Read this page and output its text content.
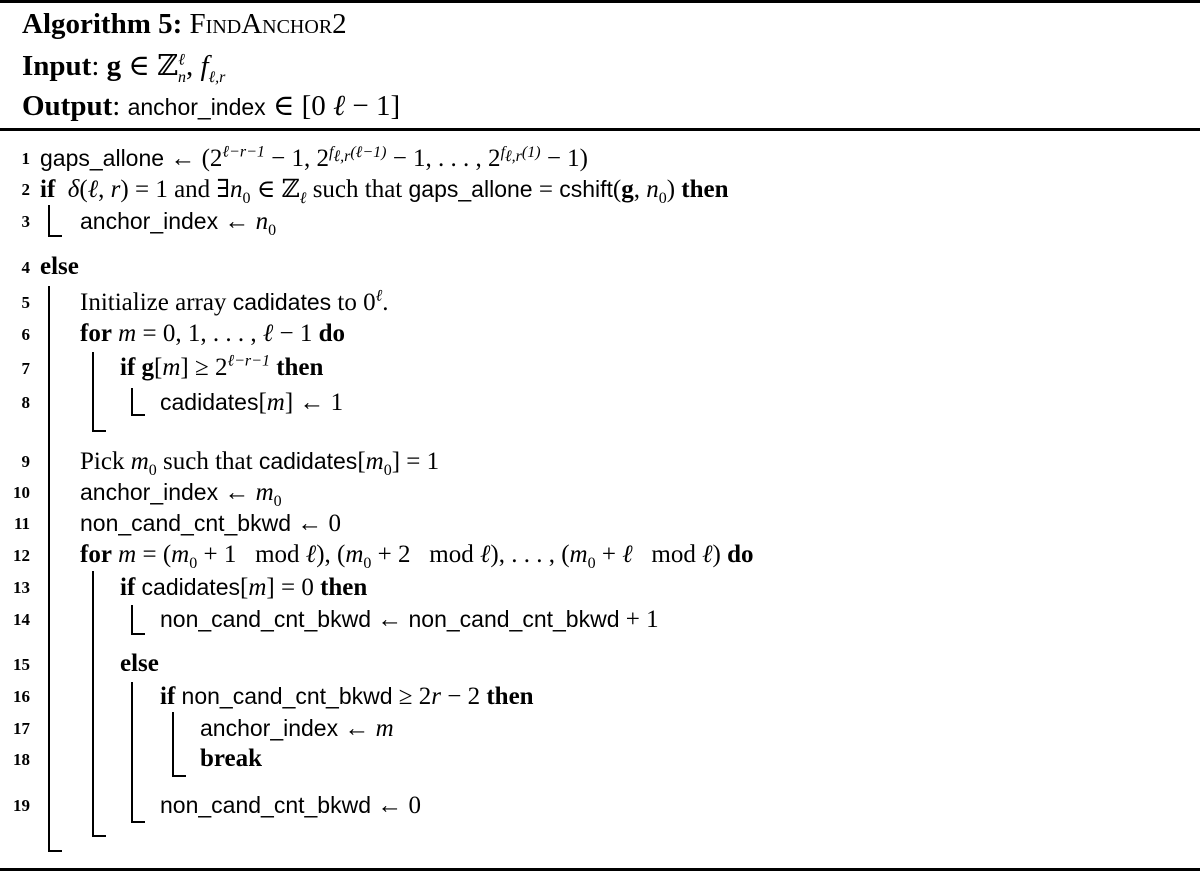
Algorithm 5: FindAnchor2
Input: g ∈ ℤ$^\ell_n$, $f_{\ell,r}$
Output: anchor_index ∈ [0 ℓ − 1]
1 gaps_allone ← ($2^{\ell-r-1} - 1$, $2^{f_{\ell,r}(\ell-1)} - 1$, . . . , $2^{f_{\ell,r}(1)} - 1$)
2 if δ(ℓ, r) = 1 and $\exists n_0$ ∈ ℤ$_\ell$ such that gaps_allone = cshift(g, $n_0$) then
3 anchor_index ← $n_0$
4 else
5 Initialize array cadidates to $0^\ell$.
6 for m = 0, 1, . . . , ℓ − 1 do
7	if $g[m] \ge 2^{\ell-r-1}$ then
8	cadidates[m] ← 1
9 Pick $m_0$ such that $cadidates[m_0] = 1$
10 anchor_index ← $m_0$
11 non_cand_cnt_bkwd ← 0
12 for $m = (m_0 + 1$   mod ℓ), ($m_0 + 2$   mod ℓ), . . . , ($m_0$ + ℓ   mod ℓ) do
13	if cadidates[m] = 0 then
14	non_cand_cnt_bkwd ← non_cand_cnt_bkwd + 1
15	else
16	if non_cand_cnt_bkwd ≥ 2r − 2 then
17	anchor_index ← m
18	break
19	non_cand_cnt_bkwd ← 0
